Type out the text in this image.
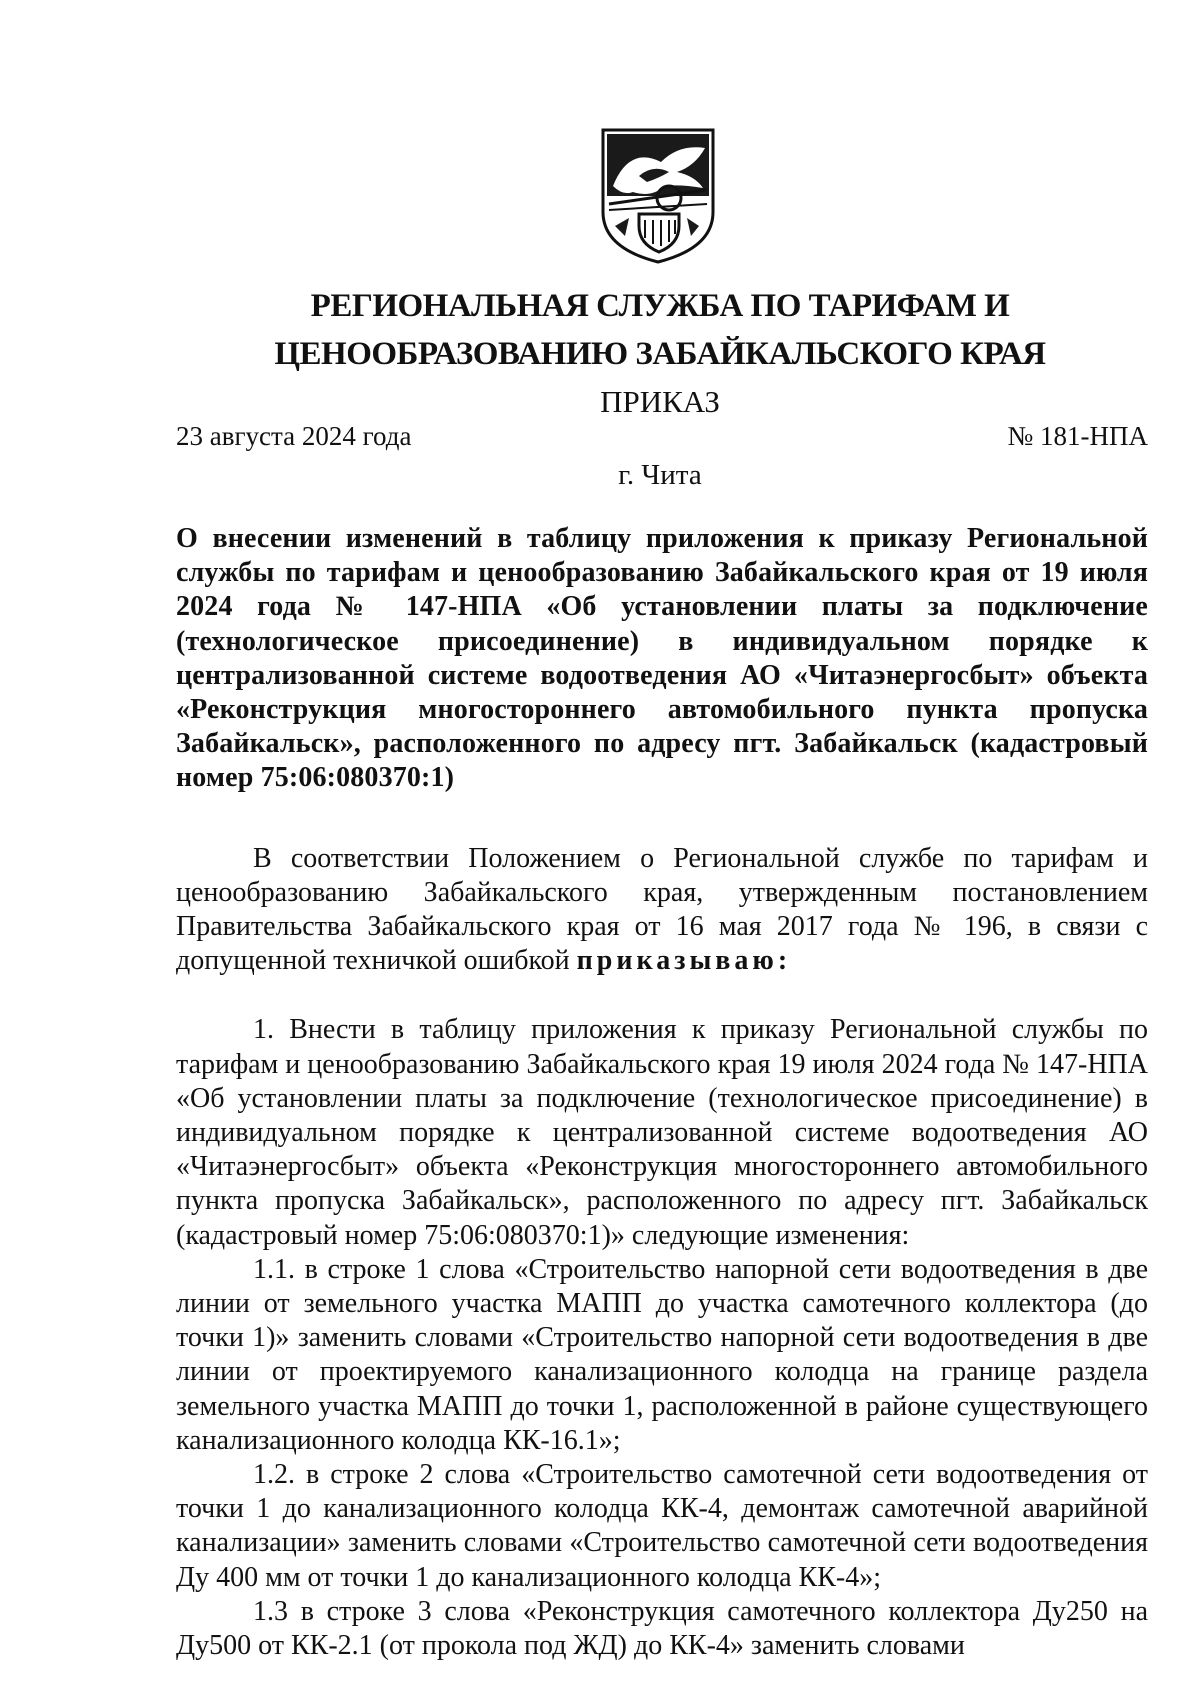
РЕГИОНАЛЬНАЯ СЛУЖБА ПО ТАРИФАМ И
ЦЕНООБРАЗОВАНИЮ ЗАБАЙКАЛЬСКОГО КРАЯ
ПРИКАЗ
23 августа 2024 года	№ 181-НПА
г. Чита
О внесении изменений в таблицу приложения к приказу Региональной службы по тарифам и ценообразованию Забайкальского края от 19 июля 2024 года № 147-НПА «Об установлении платы за подключение (технологическое присоединение) в индивидуальном порядке к централизованной системе водоотведения АО «Читаэнергосбыт» объекта «Реконструкция многостороннего автомобильного пункта пропуска Забайкальск», расположенного по адресу пгт. Забайкальск (кадастровый номер 75:06:080370:1)

В соответствии Положением о Региональной службе по тарифам и ценообразованию Забайкальского края, утвержденным постановлением Правительства Забайкальского края от 16 мая 2017 года № 196, в связи с допущенной техничкой ошибкой приказываю:

1. Внести в таблицу приложения к приказу Региональной службы по тарифам и ценообразованию Забайкальского края 19 июля 2024 года № 147-НПА «Об установлении платы за подключение (технологическое присоединение) в индивидуальном порядке к централизованной системе водоотведения АО «Читаэнергосбыт» объекта «Реконструкция многостороннего автомобильного пункта пропуска Забайкальск», расположенного по адресу пгт. Забайкальск (кадастровый номер 75:06:080370:1)» следующие изменения:

1.1. в строке 1 слова «Строительство напорной сети водоотведения в две линии от земельного участка МАПП до участка самотечного коллектора (до точки 1)» заменить словами «Строительство напорной сети водоотведения в две линии от проектируемого канализационного колодца на границе раздела земельного участка МАПП до точки 1, расположенной в районе существующего канализационного колодца КК-16.1»;

1.2. в строке 2 слова «Строительство самотечной сети водоотведения от точки 1 до канализационного колодца КК-4, демонтаж самотечной аварийной канализации» заменить словами «Строительство самотечной сети водоотведения Ду 400 мм от точки 1 до канализационного колодца КК-4»;

1.3 в строке 3 слова «Реконструкция самотечного коллектора Ду250 на Ду500 от КК-2.1 (от прокола под ЖД) до КК-4» заменить словами
